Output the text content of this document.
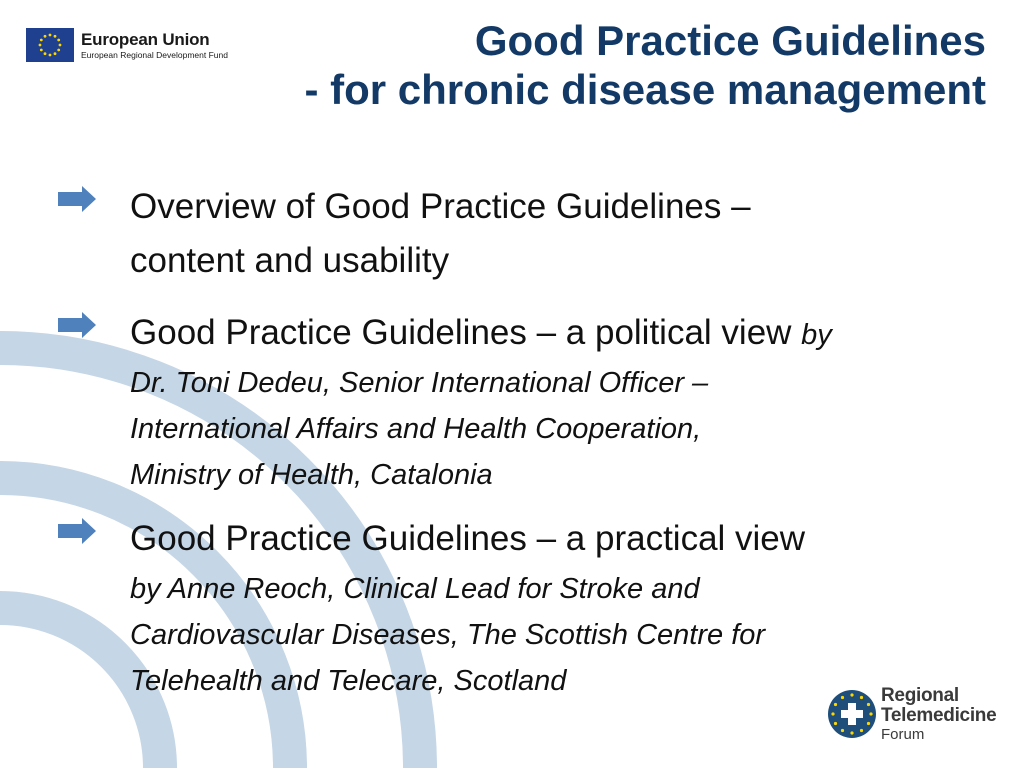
European Union
European Regional Development Fund	Good Practice Guidelines
- for chronic disease management
Overview of Good Practice Guidelines –
content and usability
Good Practice Guidelines – a political view by
Dr. Toni Dedeu, Senior International Officer –
International Affairs and Health Cooperation,
Ministry of Health, Catalonia
Good Practice Guidelines – a practical view
by Anne Reoch, Clinical Lead for Stroke and
Cardiovascular Diseases, The Scottish Centre for
Telehealth and Telecare, Scotland	Regional
Telemedicine
Forum
